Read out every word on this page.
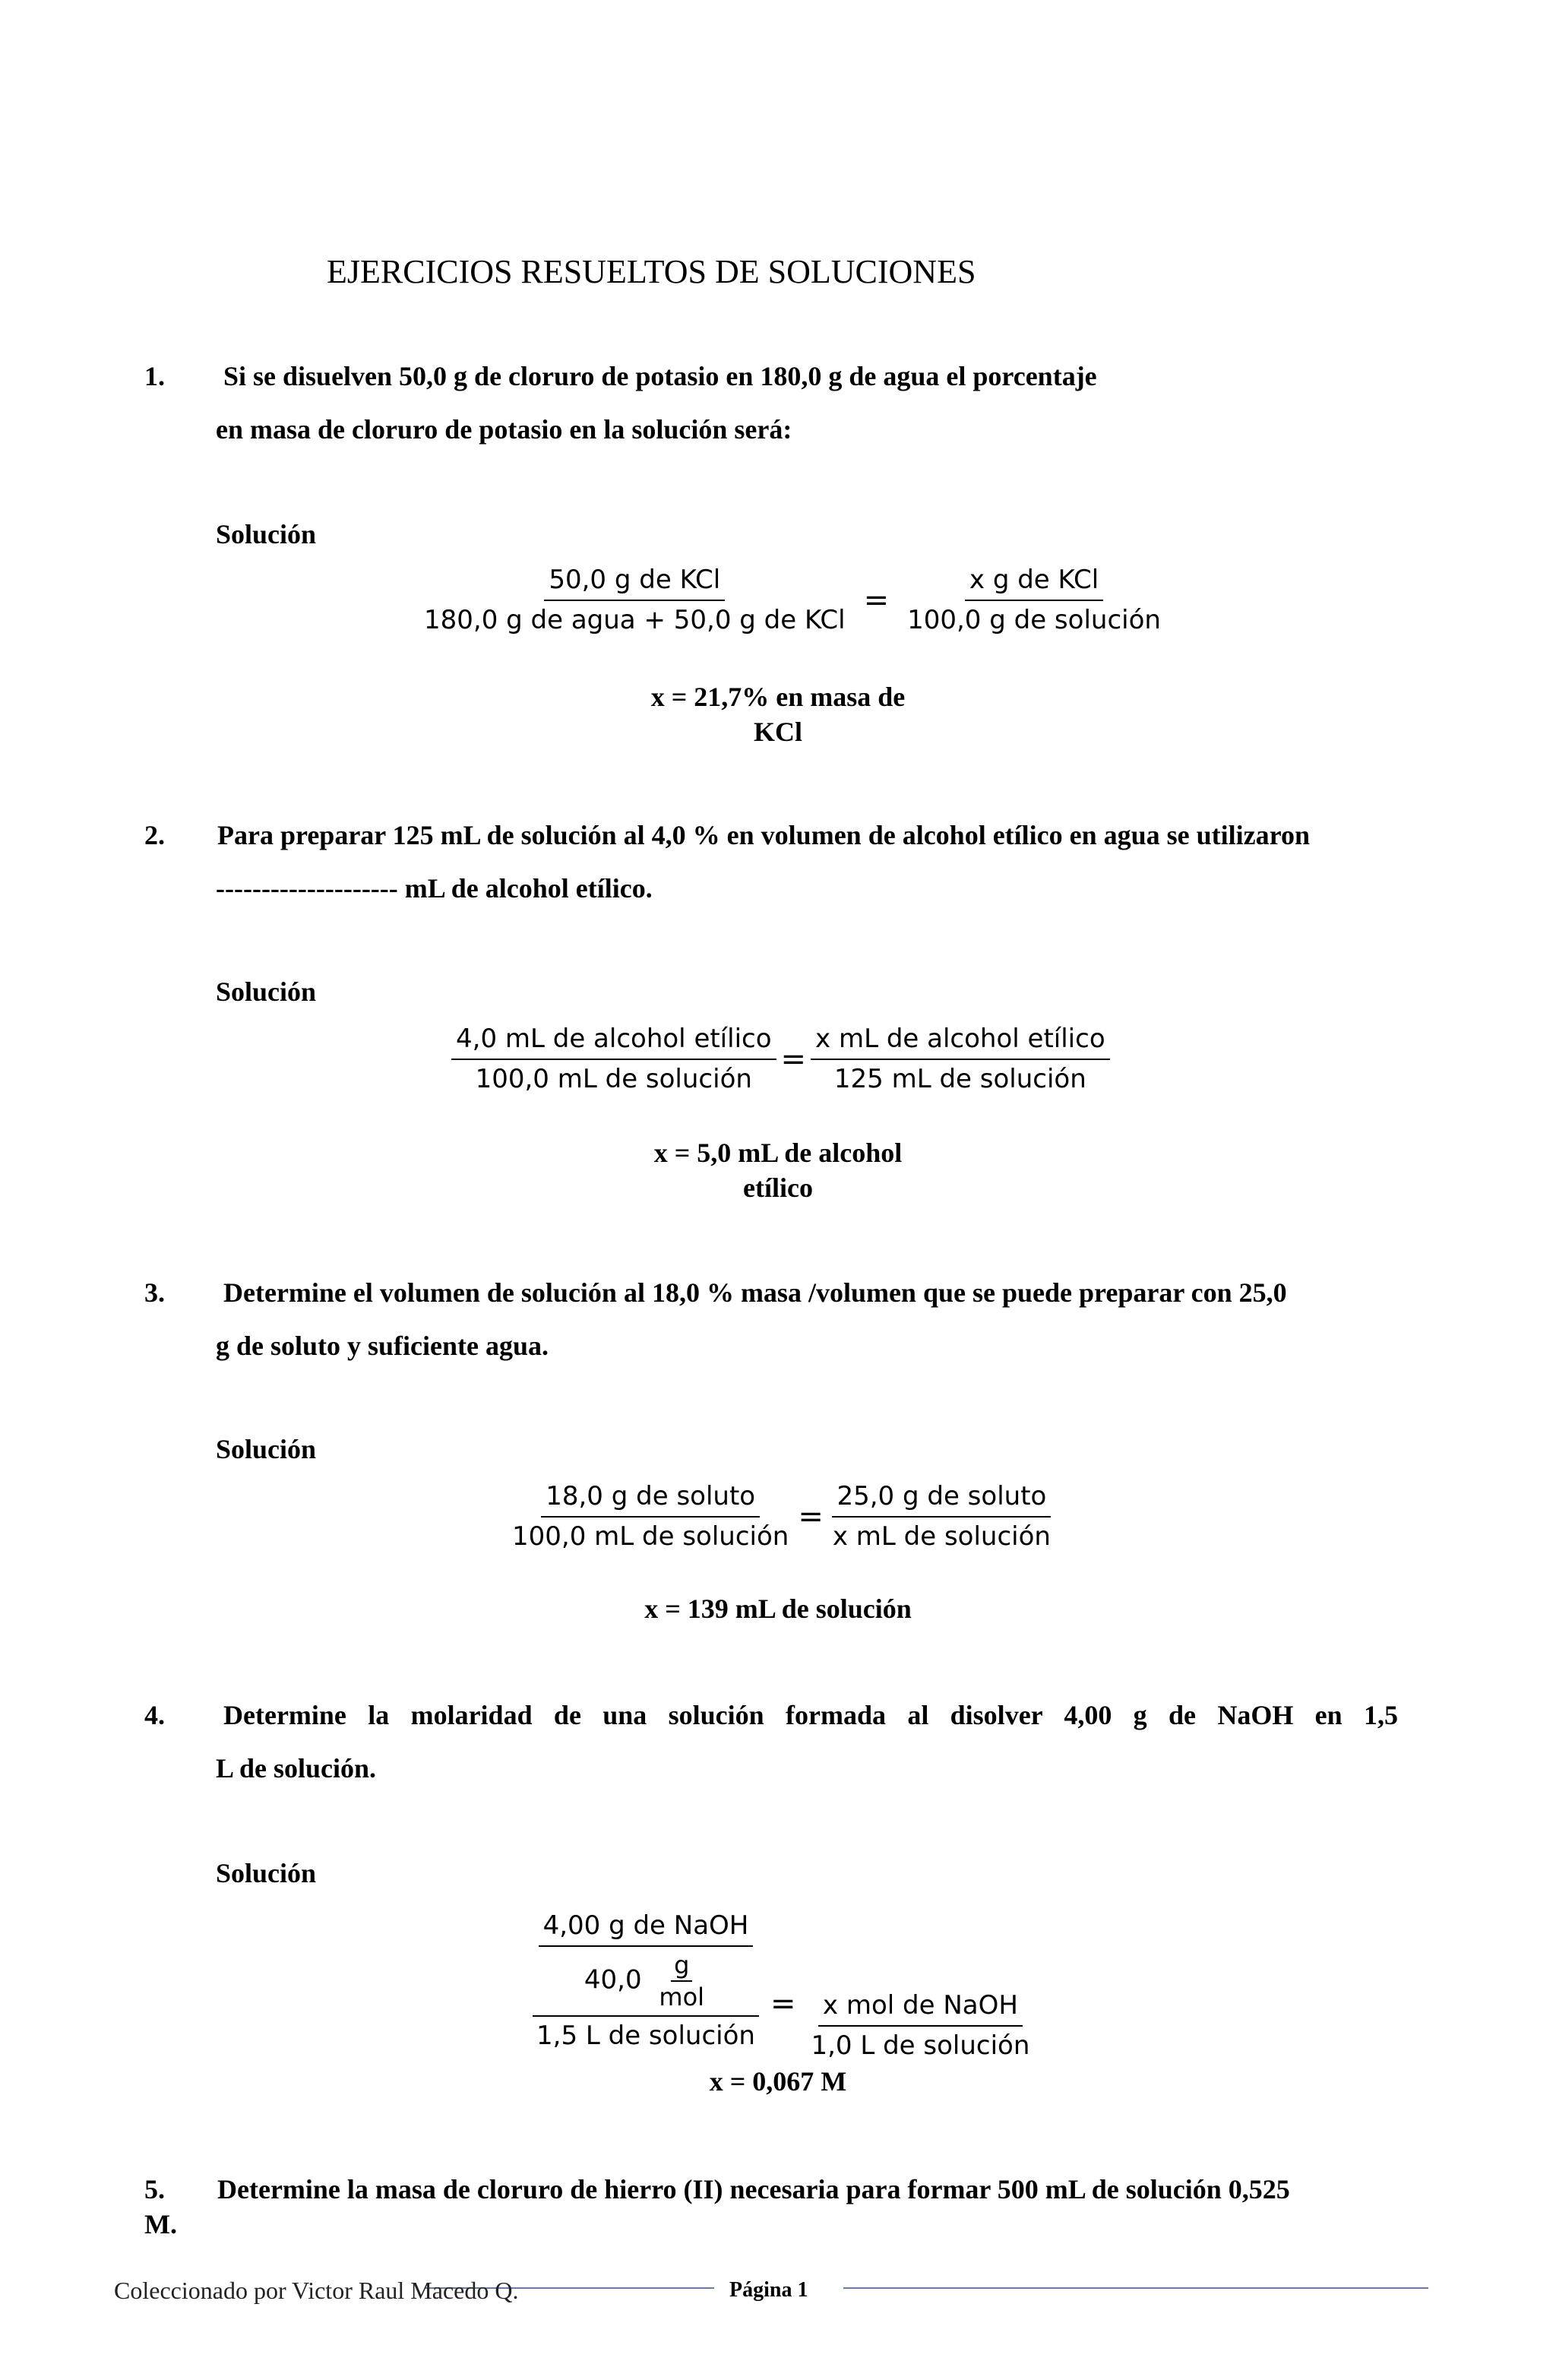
EJERCICIOS RESUELTOS DE SOLUCIONES
1. Si se disuelven 50,0 g de cloruro de potasio en 180,0 g de agua el porcentaje
en masa de cloruro de potasio en la solución será:
Solución
$\frac{\text{50,0 g de KCl}}{\text{180,0 g de agua + 50,0 g de KCl}} = \frac{\text{x g de KCl}}{\text{100,0 g de solución}}$
x = 21,7% en masa de
KCl
2. Para preparar 125 mL de solución al 4,0 % en volumen de alcohol etílico en agua se utilizaron
-------------------- mL de alcohol etílico.
Solución
$\frac{\text{4,0 mL de alcohol etílico}}{\text{100,0 mL de solución}} = \frac{\text{x mL de alcohol etílico}}{\text{125 mL de solución}}$
x = 5,0 mL de alcohol
etílico
3. Determine el volumen de solución al 18,0 % masa /volumen que se puede preparar con 25,0
g de soluto y suficiente agua.
Solución
$\frac{\text{18,0 g de soluto}}{\text{100,0 mL de solución}} = \frac{\text{25,0 g de soluto}}{\text{x mL de solución}}$
x = 139 mL de solución
4. Determine la molaridad de una solución formada al disolver 4,00 g de NaOH en 1,5
L de solución.
Solución
$\frac{\text{4,00 g de NaOH}}{40,0 \frac{g}{\text{mol}}}$
1,5 L de solución
= $\frac{\text{x mol de NaOH}}{\text{1,0 L de solución}}$
x = 0,067 M
5. Determine la masa de cloruro de hierro (II) necesaria para formar 500 mL de solución 0,525
M.
Coleccionado por Victor Raul Macedo Q.	Página 1
